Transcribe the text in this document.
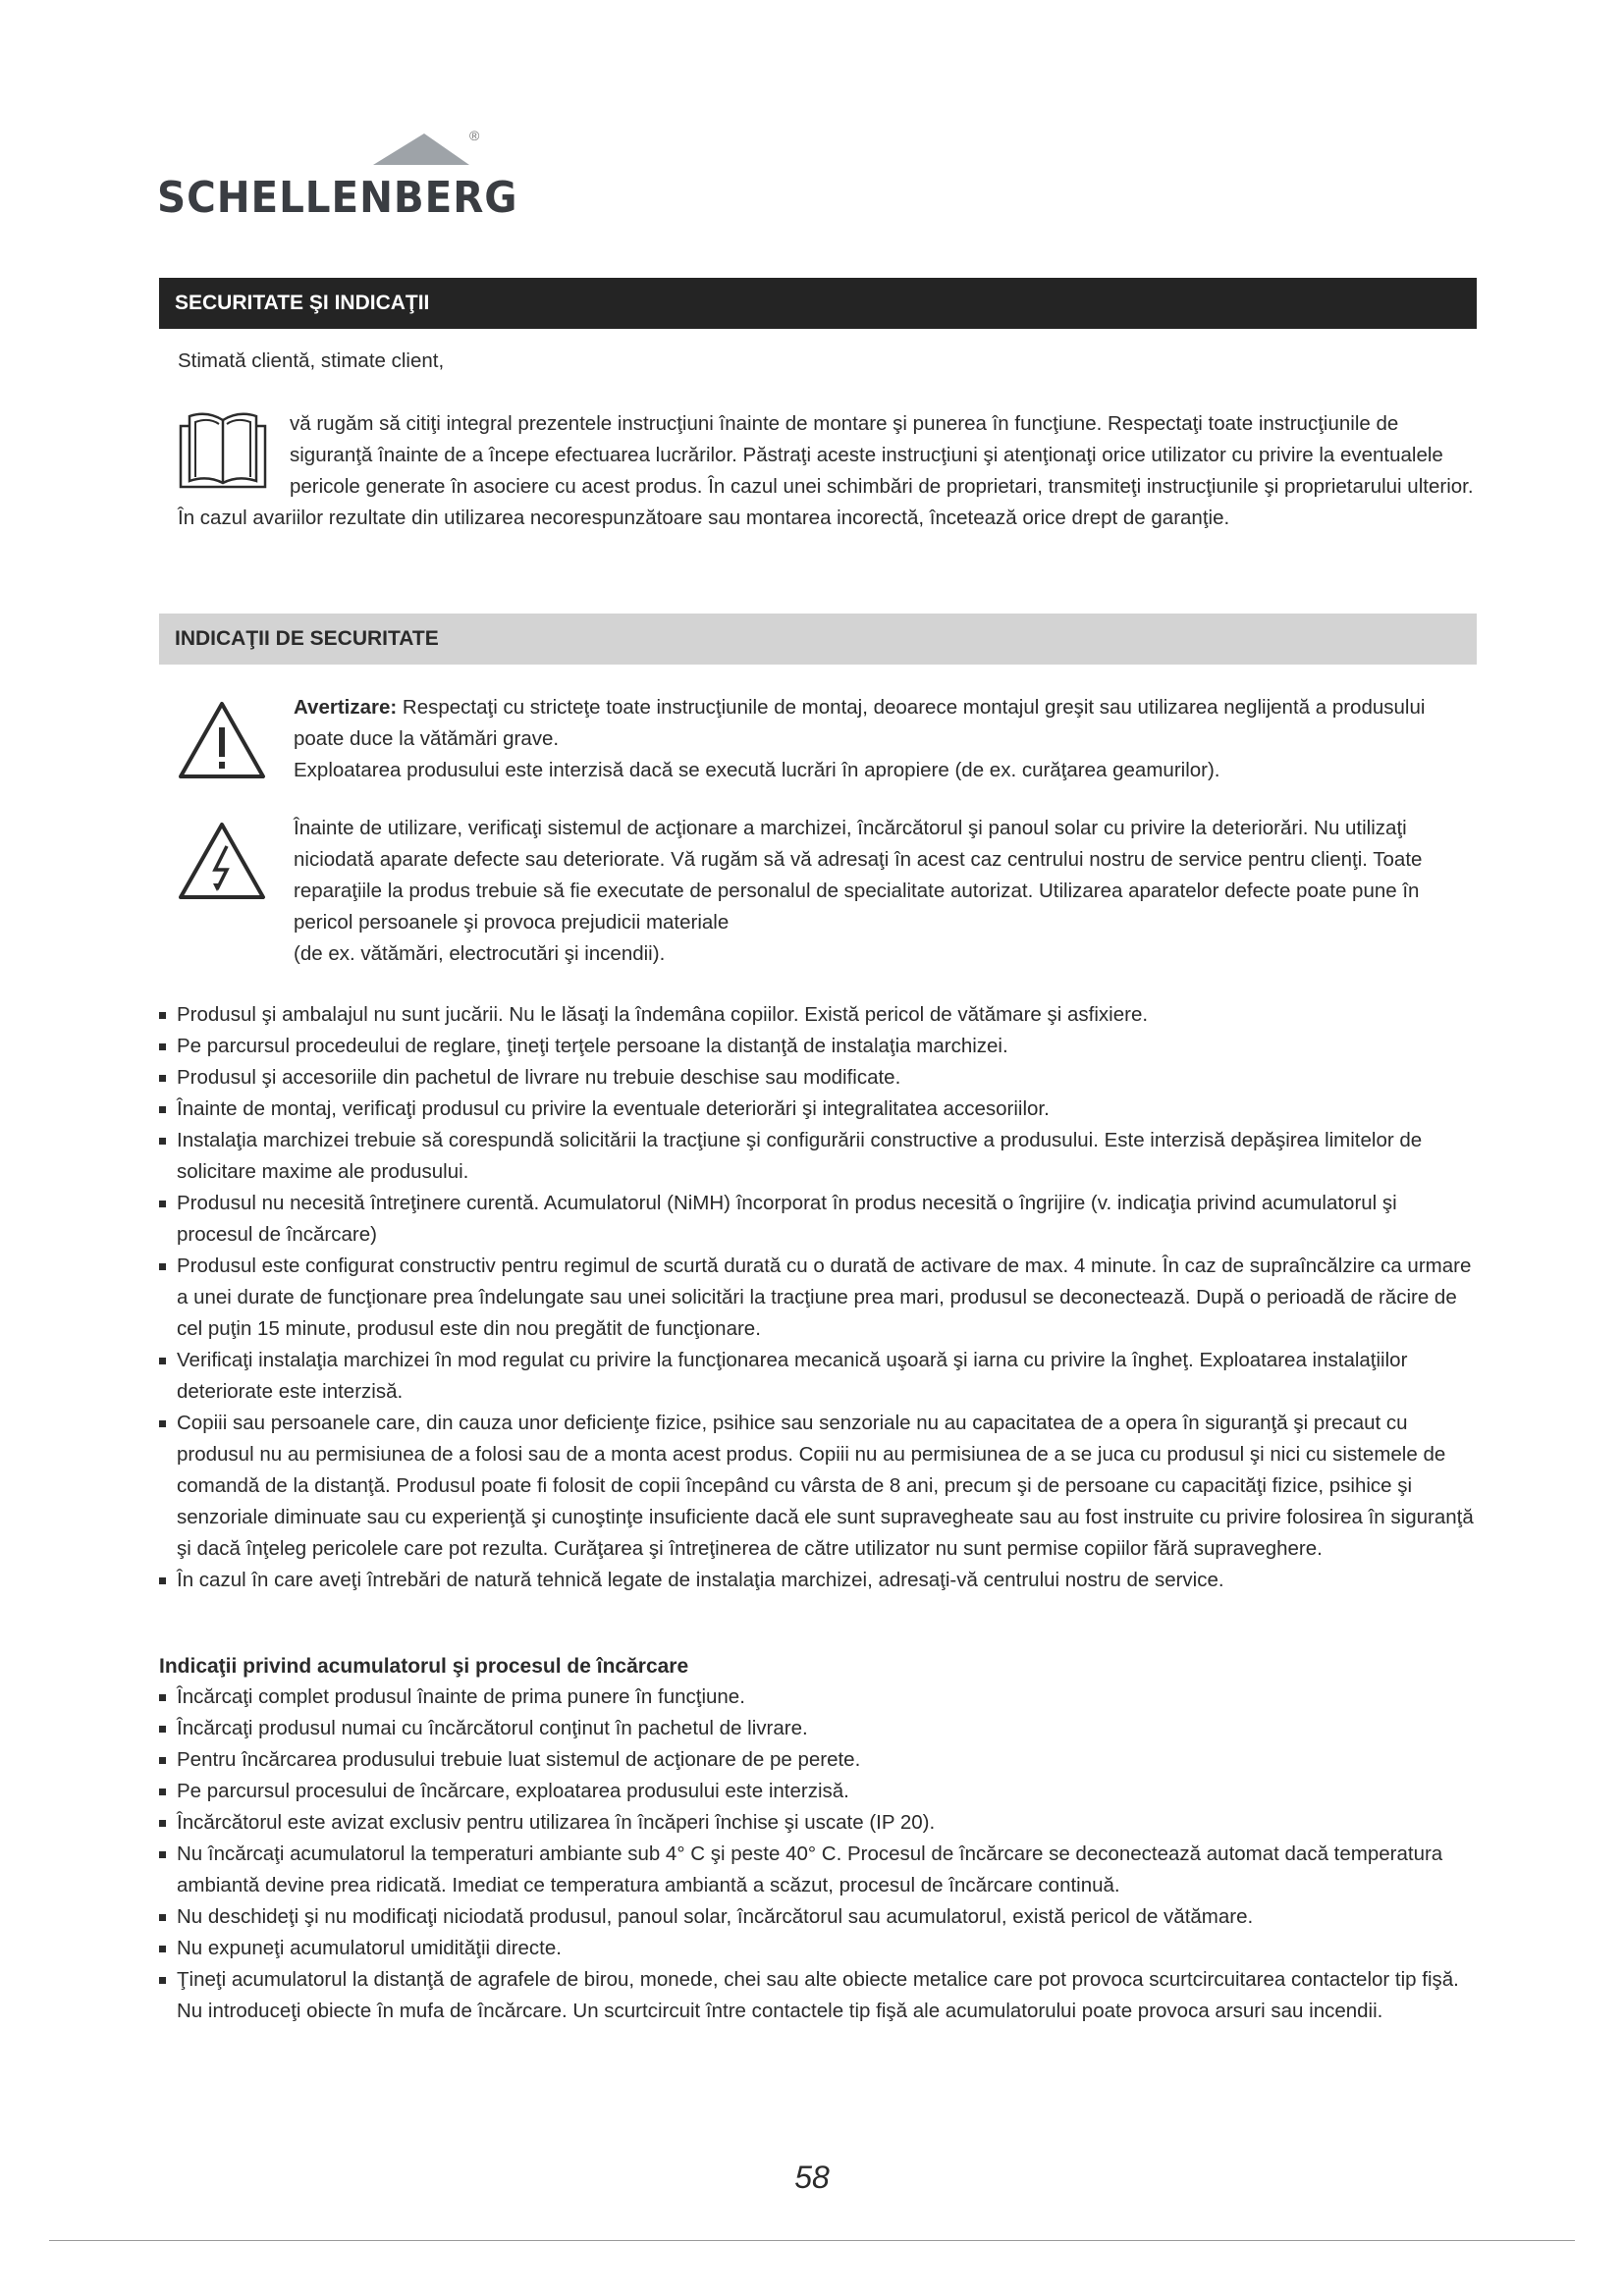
®
SCHELLENBERG
SECURITATE ŞI INDICAŢII
Stimată clientă, stimate client,
vă rugăm să citiţi integral prezentele instrucţiuni înainte de montare şi punerea în funcţiune. Respectaţi toate instrucţiunile de siguranţă înainte de a începe efectuarea lucrărilor. Păstraţi aceste instrucţiuni şi atenţionaţi orice utilizator cu privire la eventualele pericole generate în asociere cu acest produs. În cazul unei schimbări de proprietari, transmiteţi instrucţiunile şi proprietarului ulterior. În cazul avariilor rezultate din utilizarea necorespunzătoare sau montarea incorectă, încetează orice drept de garanţie.
INDICAŢII DE SECURITATE
Avertizare: Respectaţi cu stricteţe toate instrucţiunile de montaj, deoarece montajul greşit sau utilizarea neglijentă a produsului poate duce la vătămări grave.
Exploatarea produsului este interzisă dacă se execută lucrări în apropiere (de ex. curăţarea geamurilor).
Înainte de utilizare, verificaţi sistemul de acţionare a marchizei, încărcătorul şi panoul solar cu privire la deteriorări. Nu utilizaţi niciodată aparate defecte sau deteriorate. Vă rugăm să vă adresaţi în acest caz centrului nostru de service pentru clienţi. Toate reparaţiile la produs trebuie să fie executate de personalul de specialitate autorizat. Utilizarea aparatelor defecte poate pune în pericol persoanele şi provoca prejudicii materiale
(de ex. vătămări, electrocutări şi incendii).
Produsul şi ambalajul nu sunt jucării. Nu le lăsaţi la îndemâna copiilor. Există pericol de vătămare şi asfixiere.
Pe parcursul procedeului de reglare, ţineţi terţele persoane la distanţă de instalaţia marchizei.
Produsul şi accesoriile din pachetul de livrare nu trebuie deschise sau modificate.
Înainte de montaj, verificaţi produsul cu privire la eventuale deteriorări şi integralitatea accesoriilor.
Instalaţia marchizei trebuie să corespundă solicitării la tracţiune şi configurării constructive a produsului. Este interzisă depăşirea limitelor de solicitare maxime ale produsului.
Produsul nu necesită întreţinere curentă. Acumulatorul (NiMH) încorporat în produs necesită o îngrijire (v. indicaţia privind acumulatorul şi procesul de încărcare)
Produsul este configurat constructiv pentru regimul de scurtă durată cu o durată de activare de max. 4 minute. În caz de supraîncălzire ca urmare a unei durate de funcţionare prea îndelungate sau unei solicitări la tracţiune prea mari, produsul se deconectează. După o perioadă de răcire de cel puţin 15 minute, produsul este din nou pregătit de funcţionare.
Verificaţi instalaţia marchizei în mod regulat cu privire la funcţionarea mecanică uşoară şi iarna cu privire la îngheţ. Exploatarea instalaţiilor deteriorate este interzisă.
Copiii sau persoanele care, din cauza unor deficienţe fizice, psihice sau senzoriale nu au capacitatea de a opera în siguranţă şi precaut cu produsul nu au permisiunea de a folosi sau de a monta acest produs. Copiii nu au permisiunea de a se juca cu produsul şi nici cu sistemele de comandă de la distanţă. Produsul poate fi folosit de copii începând cu vârsta de 8 ani, precum şi de persoane cu capacităţi fizice, psihice şi senzoriale diminuate sau cu experienţă şi cunoştinţe insuficiente dacă ele sunt supravegheate sau au fost instruite cu privire folosirea în siguranţă şi dacă înţeleg pericolele care pot rezulta. Curăţarea şi întreţinerea de către utilizator nu sunt permise copiilor fără supraveghere.
În cazul în care aveţi întrebări de natură tehnică legate de instalaţia marchizei, adresaţi-vă centrului nostru de service.
Indicaţii privind acumulatorul şi procesul de încărcare
Încărcaţi complet produsul înainte de prima punere în funcţiune.
Încărcaţi produsul numai cu încărcătorul conţinut în pachetul de livrare.
Pentru încărcarea produsului trebuie luat sistemul de acţionare de pe perete.
Pe parcursul procesului de încărcare, exploatarea produsului este interzisă.
Încărcătorul este avizat exclusiv pentru utilizarea în încăperi închise şi uscate (IP 20).
Nu încărcaţi acumulatorul la temperaturi ambiante sub 4° C şi peste 40° C. Procesul de încărcare se deconectează automat dacă temperatura ambiantă devine prea ridicată. Imediat ce temperatura ambiantă a scăzut, procesul de încărcare continuă.
Nu deschideţi şi nu modificaţi niciodată produsul, panoul solar, încărcătorul sau acumulatorul, există pericol de vătămare.
Nu expuneţi acumulatorul umidităţii directe.
Ţineţi acumulatorul la distanţă de agrafele de birou, monede, chei sau alte obiecte metalice care pot provoca scurtcircuitarea contactelor tip fişă. Nu introduceţi obiecte în mufa de încărcare. Un scurtcircuit între contactele tip fişă ale acumulatorului poate provoca arsuri sau incendii.
58
